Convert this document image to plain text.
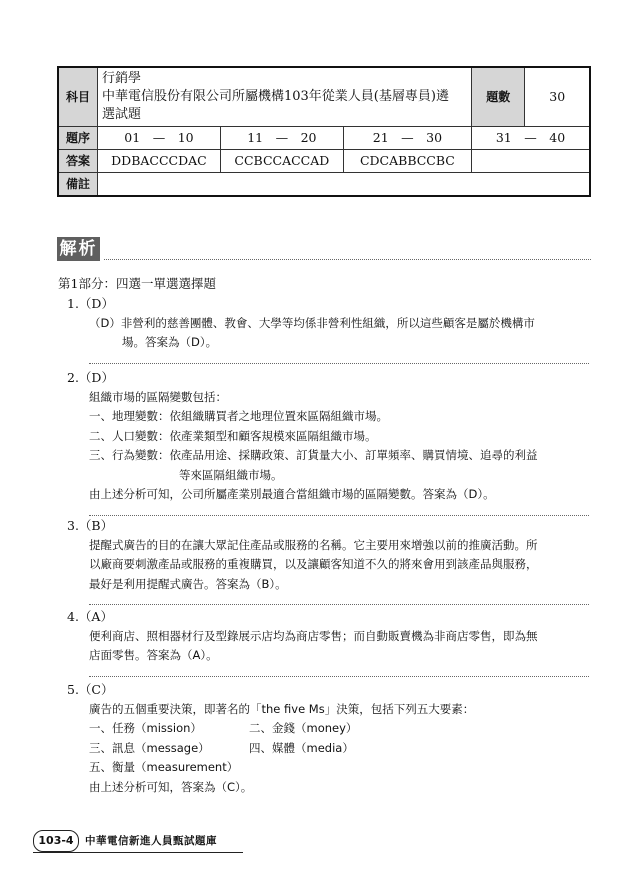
科目	行銷學
中華電信股份有限公司所屬機構103年從業人員(基層專員)遴
選試題			題數	30
題序	01　—　10	11　—　20	21　—　30	31　—　40	
答案	DDBACCCDAC	CCBCCACCAD	CDCABBCCBC		
備註					
解析
第1部分：四選一單選選擇題

1.（D）

（D）非營利的慈善團體、教會、大學等均係非營利性組織，所以這些顧客是屬於機構市

場。答案為（D）。

2.（D）

組織市場的區隔變數包括：

一、地理變數：依組織購買者之地理位置來區隔組織市場。

二、人口變數：依產業類型和顧客規模來區隔組織市場。

三、行為變數：依產品用途、採購政策、訂貨量大小、訂單頻率、購買情境、追尋的利益

等來區隔組織市場。

由上述分析可知，公司所屬產業別最適合當組織市場的區隔變數。答案為（D）。

3.（B）

提醒式廣告的目的在讓大眾記住產品或服務的名稱。它主要用來增強以前的推廣活動。所

以廠商要刺激產品或服務的重複購買，以及讓顧客知道不久的將來會用到該產品與服務，

最好是利用提醒式廣告。答案為（B）。

4.（A）

便利商店、照相器材行及型錄展示店均為商店零售；而自動販賣機為非商店零售，即為無

店面零售。答案為（A）。

5.（C）

廣告的五個重要決策，即著名的「the five Ms」決策，包括下列五大要素：

一、任務（mission）	二、金錢（money）

三、訊息（message）	四、媒體（media）

五、衡量（measurement）

由上述分析可知，答案為（C）。

103-4	中華電信新進人員甄試題庫
